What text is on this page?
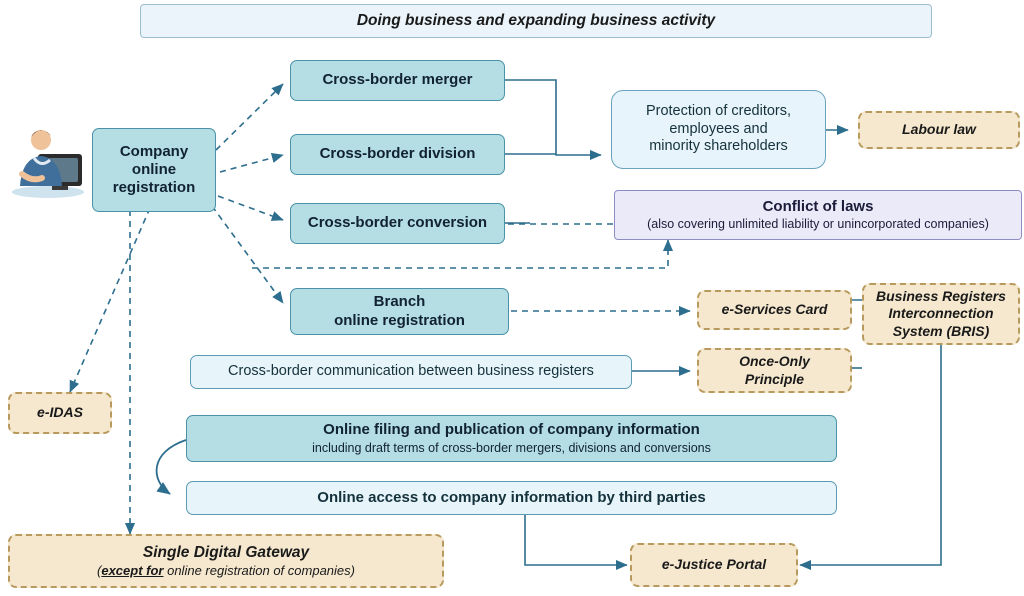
Doing business and expanding business activity
Company
online
registration
Cross-border merger
Cross-border division
Cross-border conversion
Protection of creditors,
employees and
minority shareholders
Labour law
Conflict of laws
(also covering unlimited liability or unincorporated companies)
Branch
online registration
e-Services Card
Business Registers
Interconnection
System (BRIS)
Cross-border communication between business registers
Once-Only
Principle
Online filing and publication of company information
including draft terms of cross-border mergers, divisions and conversions
Online access to company information by third parties
e-IDAS
Single Digital Gateway
(except for online registration of companies)	e-Justice Portal
